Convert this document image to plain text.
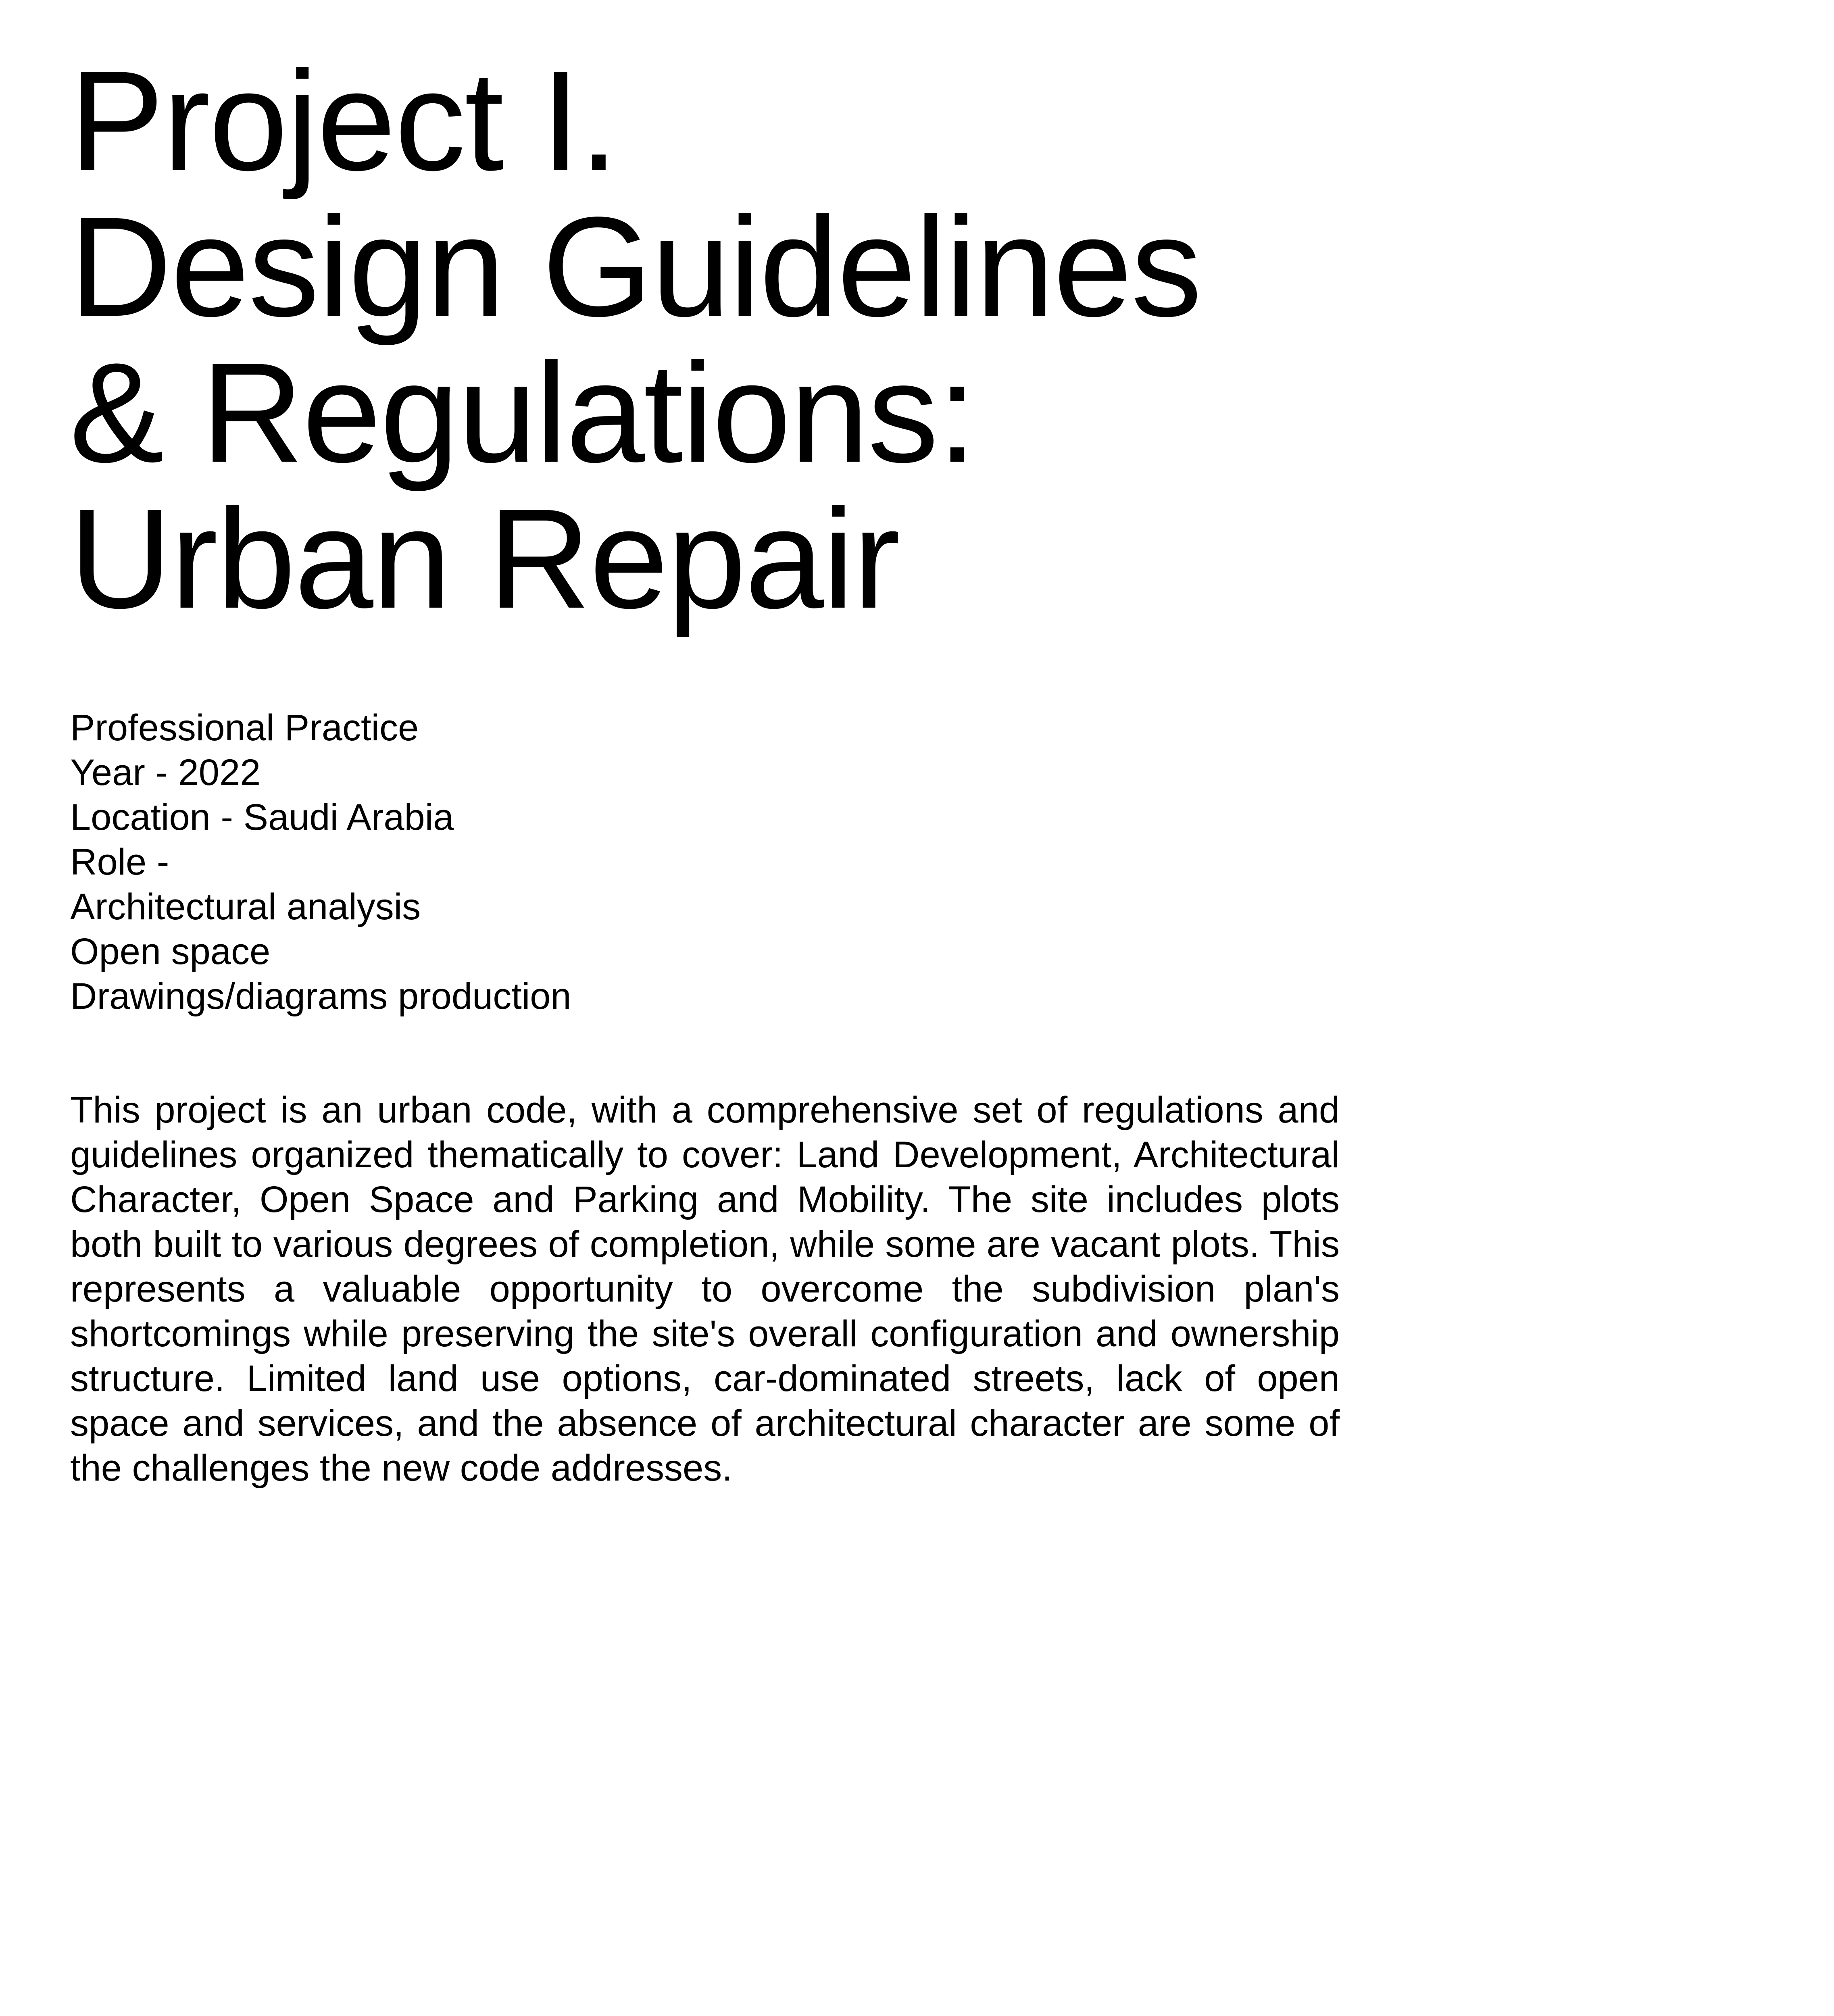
Project I.
Design Guidelines
& Regulations:
Urban Repair
Professional Practice
Year - 2022
Location - Saudi Arabia
Role -
Architectural analysis
Open space
Drawings/diagrams production

This project is an urban code, with a comprehensive set of regulations and guidelines organized thematically to cover: Land Development, Architectural Character, Open Space and Parking and Mobility. The site includes plots both built to various degrees of completion, while some are vacant plots. This represents a valuable opportunity to overcome the subdivision plan's shortcomings while preserving the site's overall configuration and ownership structure. Limited land use options, car-dominated streets, lack of open space and services, and the absence of architectural character are some of the challenges the new code addresses.
